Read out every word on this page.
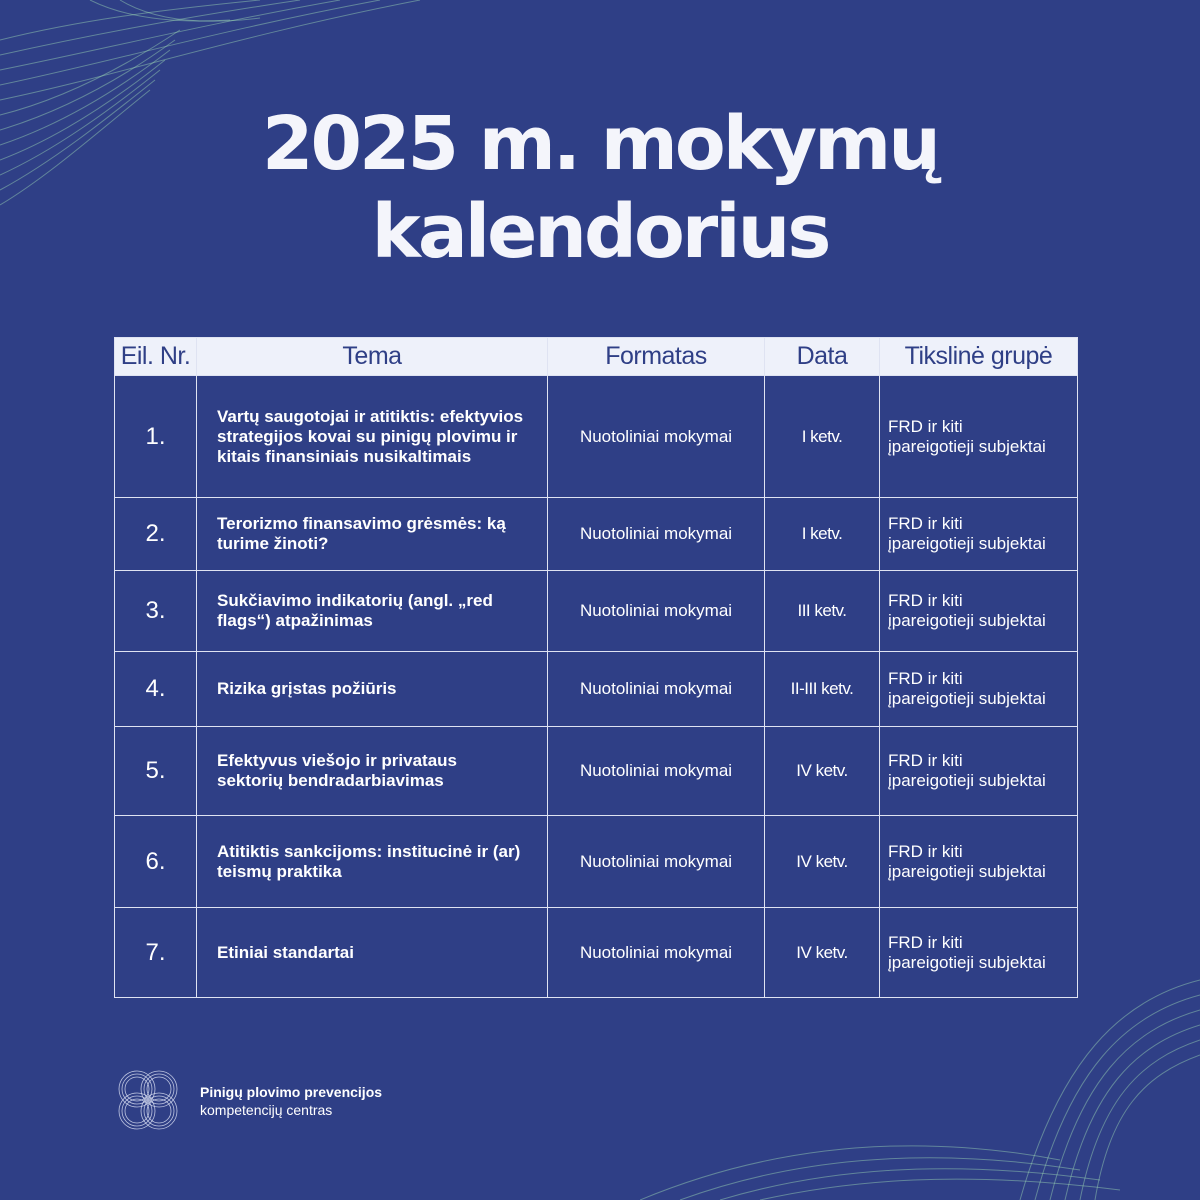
2025 m. mokymų
kalendorius
Eil. Nr.	Tema	Formatas	Data	Tikslinė grupė
1.	Vartų saugotojai ir atitiktis: efektyvios strategijos kovai su pinigų plovimu ir kitais finansiniais nusikaltimais	Nuotoliniai mokymai	I ketv.	FRD ir kiti
įpareigotieji subjektai

2.	Terorizmo finansavimo grėsmės: ką turime žinoti?	Nuotoliniai mokymai	I ketv.	FRD ir kiti
įpareigotieji subjektai

3.	Sukčiavimo indikatorių (angl. „red flags“) atpažinimas	Nuotoliniai mokymai	III ketv.	FRD ir kiti
įpareigotieji subjektai

4.	Rizika grįstas požiūris	Nuotoliniai mokymai	II-III ketv.	FRD ir kiti
įpareigotieji subjektai

5.	Efektyvus viešojo ir privataus sektorių bendradarbiavimas	Nuotoliniai mokymai	IV ketv.	FRD ir kiti
įpareigotieji subjektai

6.	Atitiktis sankcijoms: institucinė ir (ar) teismų praktika	Nuotoliniai mokymai	IV ketv.	FRD ir kiti
įpareigotieji subjektai

7.	Etiniai standartai	Nuotoliniai mokymai	IV ketv.	FRD ir kiti
įpareigotieji subjektai
Pinigų plovimo prevencijos
kompetencijų centras
